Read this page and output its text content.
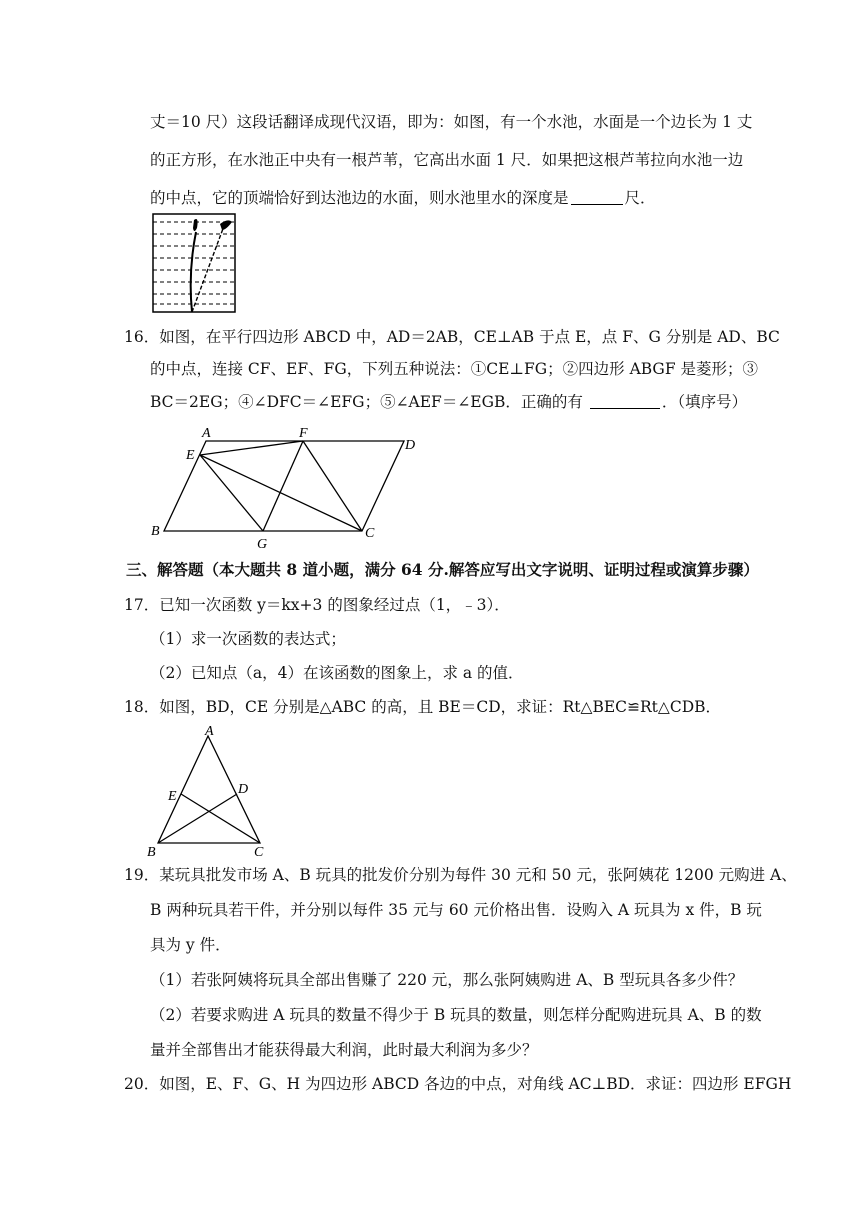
丈＝10 尺）这段话翻译成现代汉语，即为：如图，有一个水池，水面是一个边长为 1 丈
的正方形，在水池正中央有一根芦苇，它高出水面 1 尺．如果把这根芦苇拉向水池一边
的中点，它的顶端恰好到达池边的水面，则水池里水的深度是	尺．
16．如图，在平行四边形 ABCD 中，AD＝2AB，CE⊥AB 于点 E，点 F、G 分别是 AD、BC
的中点，连接 CF、EF、FG，下列五种说法：①CE⊥FG；②四边形 ABGF 是菱形；③
BC＝2EG；④∠DFC＝∠EFG；⑤∠AEF＝∠EGB．正确的有	．（填序号）
A	F
D
E
B
G
C
三、解答题（本大题共 8 道小题，满分 64 分.解答应写出文字说明、证明过程或演算步骤）
17．已知一次函数 y＝kx+3 的图象经过点（1，﹣3）．
（1）求一次函数的表达式；
（2）已知点（a，4）在该函数的图象上，求 a 的值．
18．如图，BD，CE 分别是△ABC 的高，且 BE＝CD，求证：Rt△BEC≌Rt△CDB．
A
E	D
B	C
19．某玩具批发市场 A、B 玩具的批发价分别为每件 30 元和 50 元，张阿姨花 1200 元购进 A、
B 两种玩具若干件，并分别以每件 35 元与 60 元价格出售．设购入 A 玩具为 x 件，B 玩
具为 y 件．
（1）若张阿姨将玩具全部出售赚了 220 元，那么张阿姨购进 A、B 型玩具各多少件？
（2）若要求购进 A 玩具的数量不得少于 B 玩具的数量，则怎样分配购进玩具 A、B 的数
量并全部售出才能获得最大利润，此时最大利润为多少？
20．如图，E、F、G、H 为四边形 ABCD 各边的中点，对角线 AC⊥BD．求证：四边形 EFGH
